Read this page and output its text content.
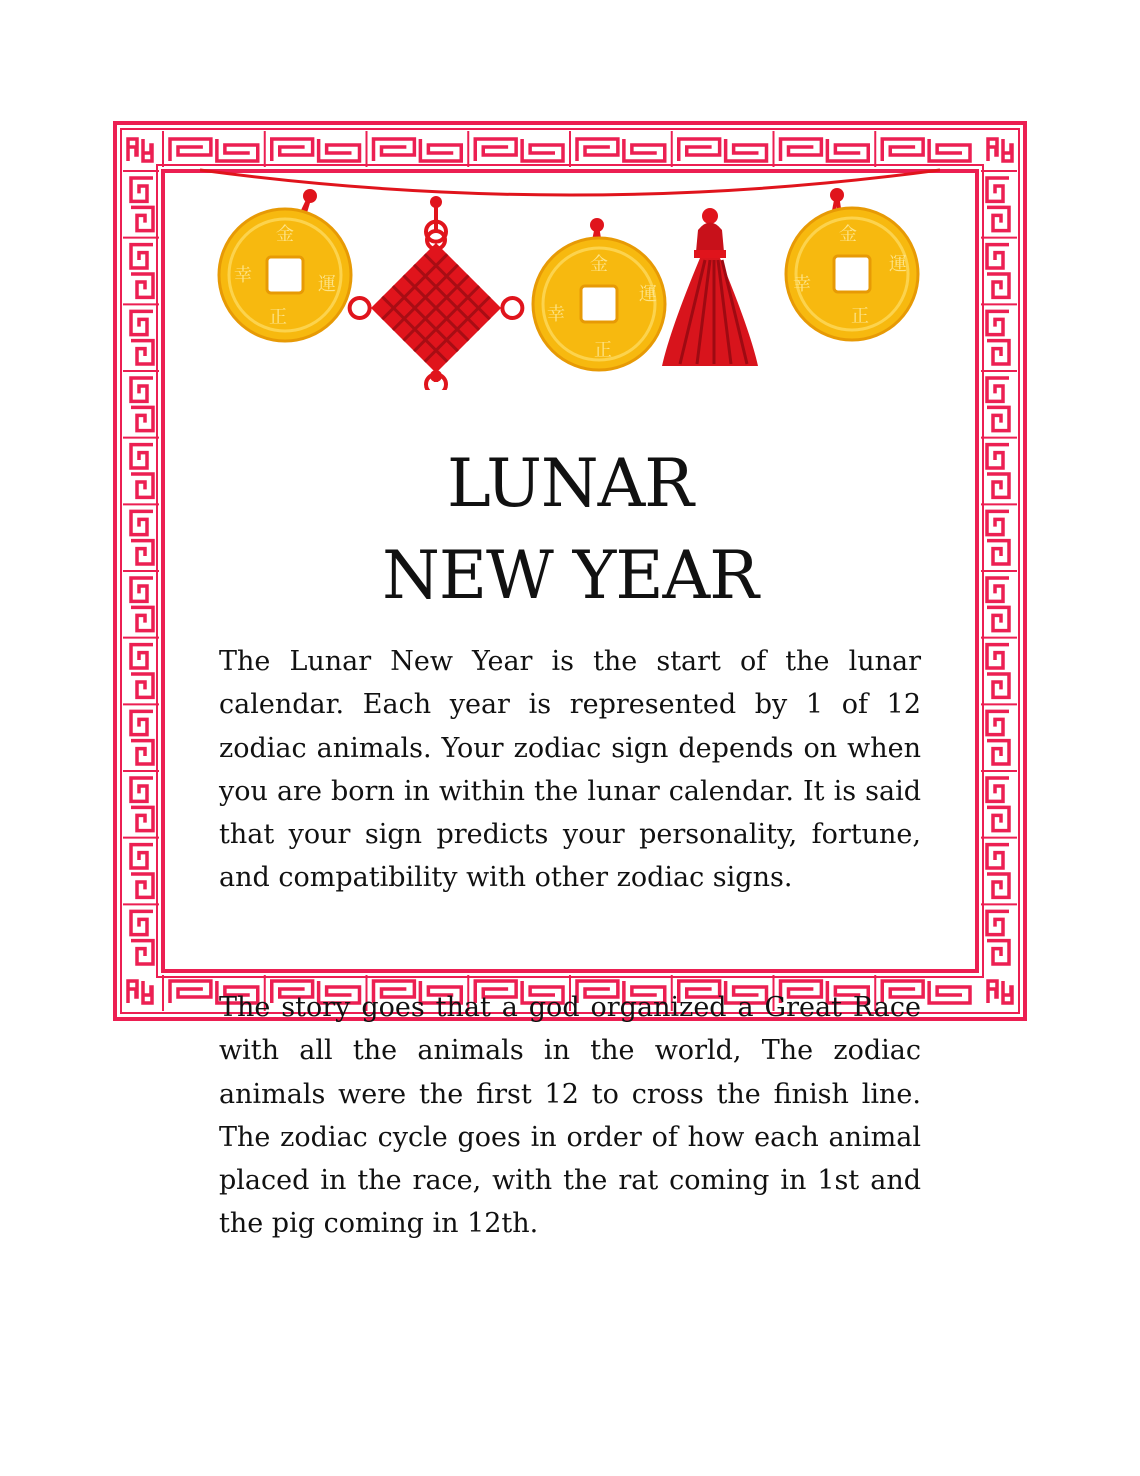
金
幸	運
正
金
幸
運
正
金
幸
運
正
LUNAR
NEW YEAR

The Lunar New Year is the start of the lunar calendar. Each year is represented by 1 of 12 zodiac animals. Your zodiac sign depends on when you are born in within the lunar calendar. It is said that your sign predicts your personality, fortune, and compatibility with other zodiac signs.

The story goes that a god organized a Great Race with all the animals in the world, The zodiac animals were the first 12 to cross the finish line. The zodiac cycle goes in order of how each animal placed in the race, with the rat coming in 1st and the pig coming in 12th.
